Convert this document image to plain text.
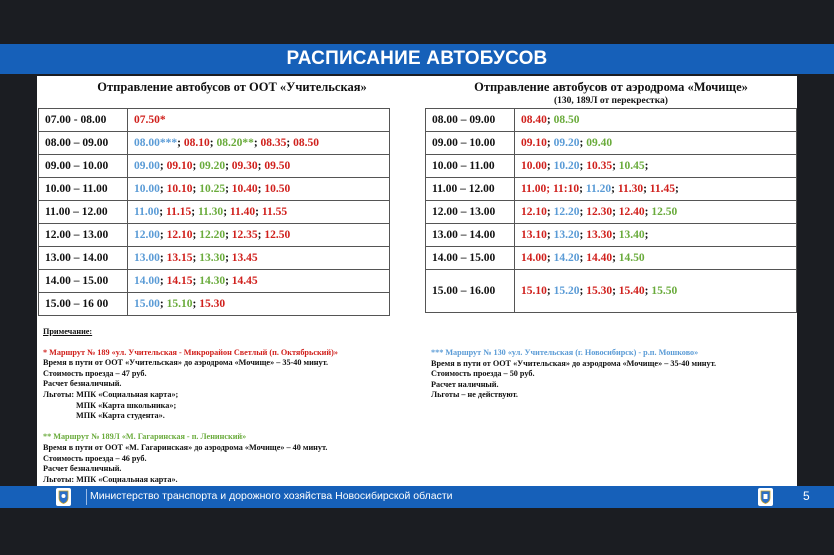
РАСПИСАНИЕ АВТОБУСОВ
Отправление автобусов от ООТ «Учительская»	Отправление автобусов от аэродрома «Мочище»
(130, 189Л от перекрестка)
07.00 - 08.00	07.50*
08.00 – 09.00	08.00***; 08.10; 08.20**; 08.35; 08.50
09.00 – 10.00	09.00; 09.10; 09.20; 09.30; 09.50
10.00 – 11.00	10.00; 10.10; 10.25; 10.40; 10.50
11.00 – 12.00	11.00; 11.15; 11.30; 11.40; 11.55
12.00 – 13.00	12.00; 12.10; 12.20; 12.35; 12.50
13.00 – 14.00	13.00; 13.15; 13.30; 13.45
14.00 – 15.00	14.00; 14.15; 14.30; 14.45
15.00 – 16 00	15.00; 15.10; 15.30
08.00 – 09.00	08.40; 08.50
09.00 – 10.00	09.10; 09.20; 09.40
10.00 – 11.00	10.00; 10.20; 10.35; 10.45;
11.00 – 12.00	11.00; 11:10; 11.20; 11.30; 11.45;
12.00 – 13.00	12.10; 12.20; 12.30; 12.40; 12.50
13.00 – 14.00	13.10; 13.20; 13.30; 13.40;
14.00 – 15.00	14.00; 14.20; 14.40; 14.50
15.00 – 16.00	15.10; 15.20; 15.30; 15.40; 15.50

Примечание:

* Маршрут № 189 «ул. Учительская - Микрорайон Светлый (п. Октябрьский)»

Время в пути от ООТ «Учительская» до аэродрома «Мочище» – 35-40 минут.

Стоимость проезда – 47 руб.

Расчет безналичный.

Льготы: МПК «Социальная карта»;

МПК «Карта школьника»;

МПК «Карта студента».

** Маршрут № 189Л «М. Гагаринская - п. Ленинский»

Время в пути от ООТ «М. Гагаринская» до аэродрома «Мочище» – 40 минут.

Стоимость проезда – 46 руб.

Расчет безналичный.

Льготы: МПК «Социальная карта».

*** Маршрут № 130 «ул. Учительская (г. Новосибирск) - р.п. Мошково»

Время в пути от ООТ «Учительская» до аэродрома «Мочище» – 35-40 минут.

Стоимость проезда – 50 руб.

Расчет наличный.

Льготы – не действуют.

Министерство транспорта и дорожного хозяйства Новосибирской области	5
